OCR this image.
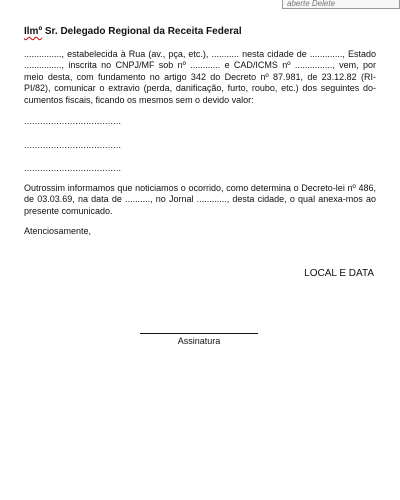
aberte Delete
Ilmº Sr. Delegado Regional da Receita Federal
..............., estabelecida à Rua (av., pça, etc.), ........... nesta cidade de ............., Estado ..............., inscrita no CNPJ/MF sob nº ............ e CAD/ICMS nº ..............., vem, por meio desta, com fundamento no artigo 342 do Decreto nº 87.981, de 23.12.82 (RI-PI/82), comunicar o extravio (perda, danificação, furto, roubo, etc.) dos seguintes do-cumentos fiscais, ficando os mesmos sem o devido valor:
....................................
....................................
....................................
Outrossim informamos que noticiamos o ocorrido, como determina o Decreto-lei nº 486, de 03.03.69, na data de .........., no Jornal ............, desta cidade, o qual anexa-mos ao presente comunicado.
Atenciosamente,
LOCAL E DATA
Assinatura
